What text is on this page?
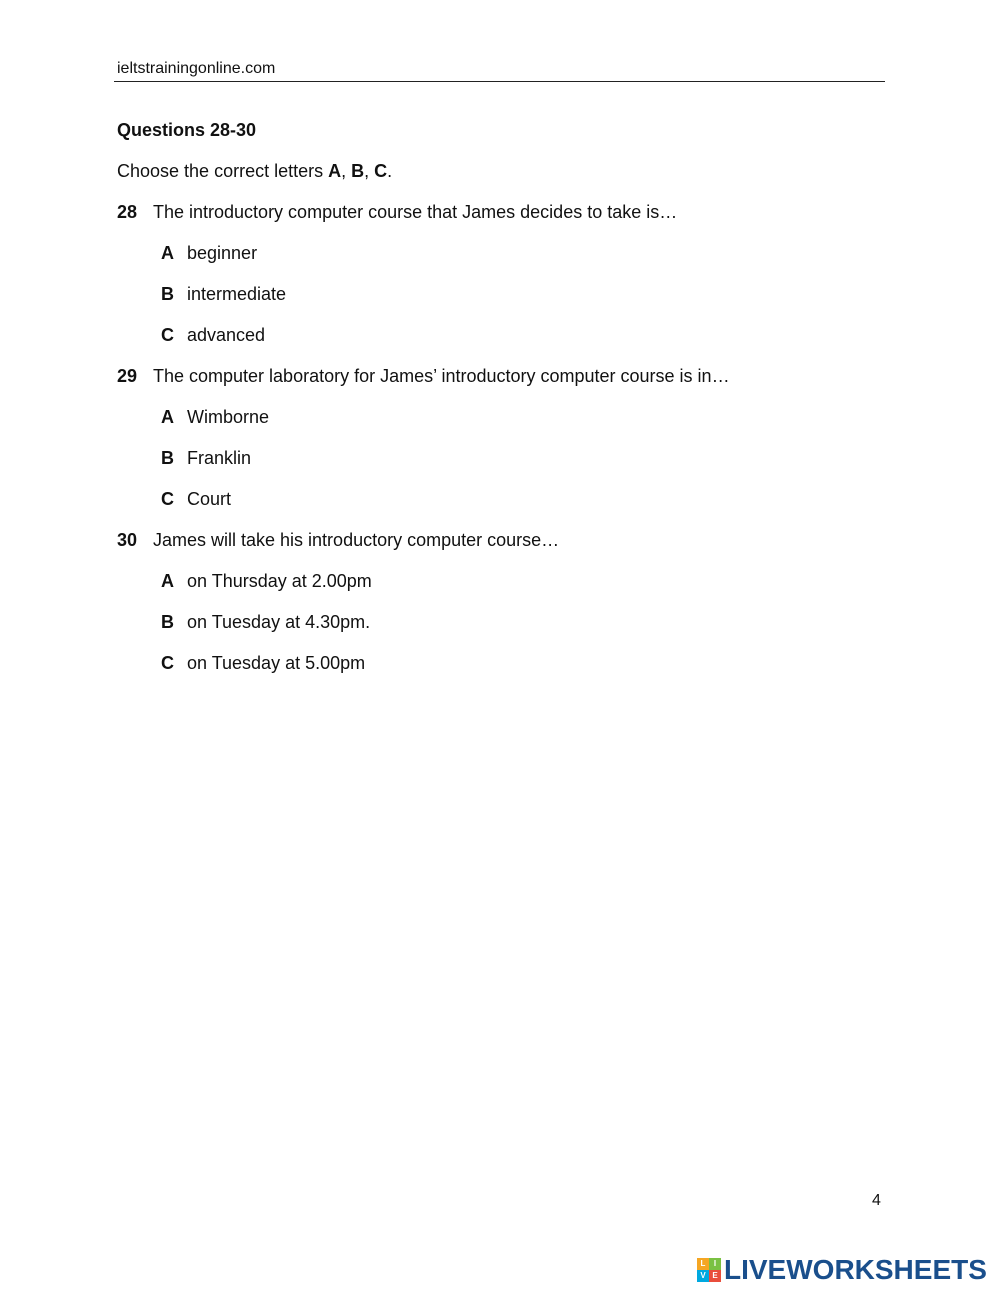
ieltstrainingonline.com
Questions 28-30
Choose the correct letters A, B, C.
28 The introductory computer course that James decides to take is…
A beginner
B intermediate
C advanced
29 The computer laboratory for James’ introductory computer course is in…
A Wimborne
B Franklin
C Court
30 James will take his introductory computer course…
A on Thursday at 2.00pm
B on Tuesday at 4.30pm.
C on Tuesday at 5.00pm
4
L	I
V E LIVEWORKSHEETS
